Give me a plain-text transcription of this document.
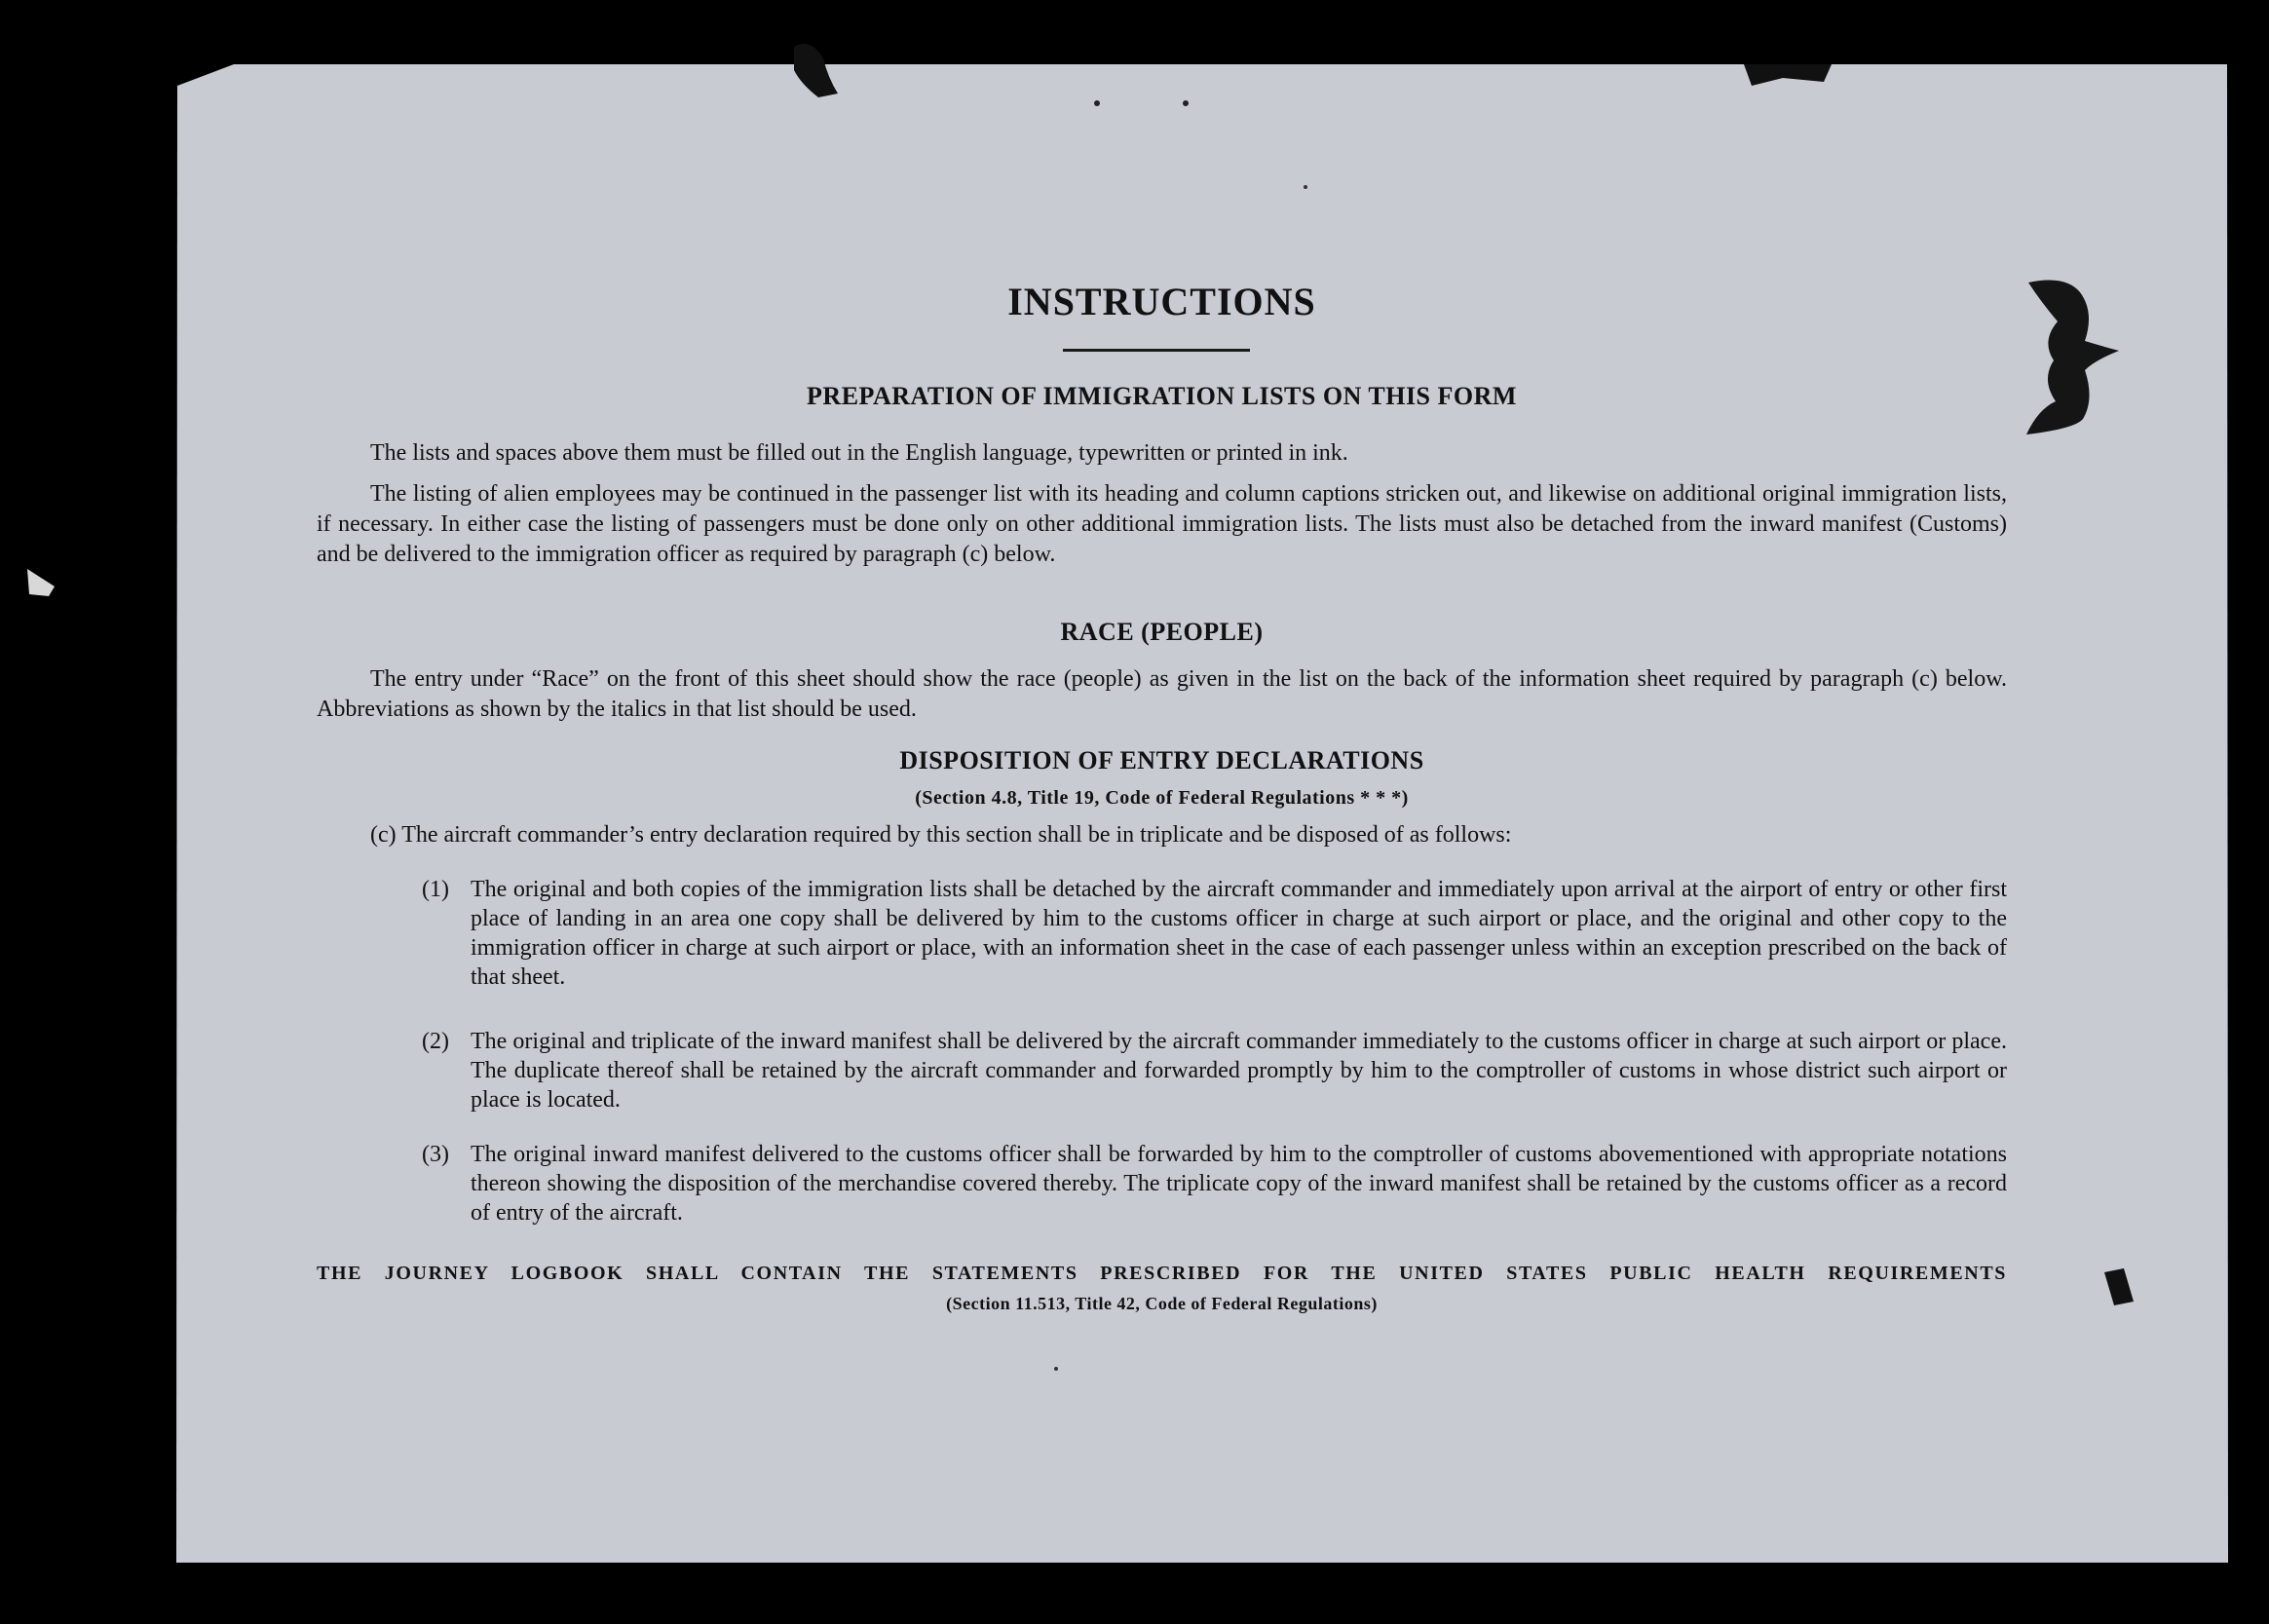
INSTRUCTIONS
PREPARATION OF IMMIGRATION LISTS ON THIS FORM
The lists and spaces above them must be filled out in the English language, typewritten or printed in ink.
The listing of alien employees may be continued in the passenger list with its heading and column captions stricken out, and likewise on additional original immigration lists, if necessary. In either case the listing of passengers must be done only on other additional immigration lists. The lists must also be detached from the inward manifest (Customs) and be delivered to the immigration officer as required by paragraph (c) below.
RACE (PEOPLE)
The entry under “Race” on the front of this sheet should show the race (people) as given in the list on the back of the information sheet required by paragraph (c) below. Abbreviations as shown by the italics in that list should be used.
DISPOSITION OF ENTRY DECLARATIONS
(Section 4.8, Title 19, Code of Federal Regulations * * *)
(c) The aircraft commander’s entry declaration required by this section shall be in triplicate and be disposed of as follows:
(1) The original and both copies of the immigration lists shall be detached by the aircraft commander and immediately upon arrival at the airport of entry or other first place of landing in an area one copy shall be delivered by him to the customs officer in charge at such airport or place, and the original and other copy to the immigration officer in charge at such airport or place, with an information sheet in the case of each passenger unless within an exception prescribed on the back of that sheet.
(2) The original and triplicate of the inward manifest shall be delivered by the aircraft commander immediately to the customs officer in charge at such airport or place. The duplicate thereof shall be retained by the aircraft commander and forwarded promptly by him to the comptroller of customs in whose district such airport or place is located.
(3) The original inward manifest delivered to the customs officer shall be forwarded by him to the comptroller of customs abovementioned with appropriate notations thereon showing the disposition of the merchandise covered thereby. The triplicate copy of the inward manifest shall be retained by the customs officer as a record of entry of the aircraft.
THE JOURNEY LOGBOOK SHALL CONTAIN THE STATEMENTS PRESCRIBED FOR THE UNITED STATES PUBLIC HEALTH REQUIREMENTS
(Section 11.513, Title 42, Code of Federal Regulations)
